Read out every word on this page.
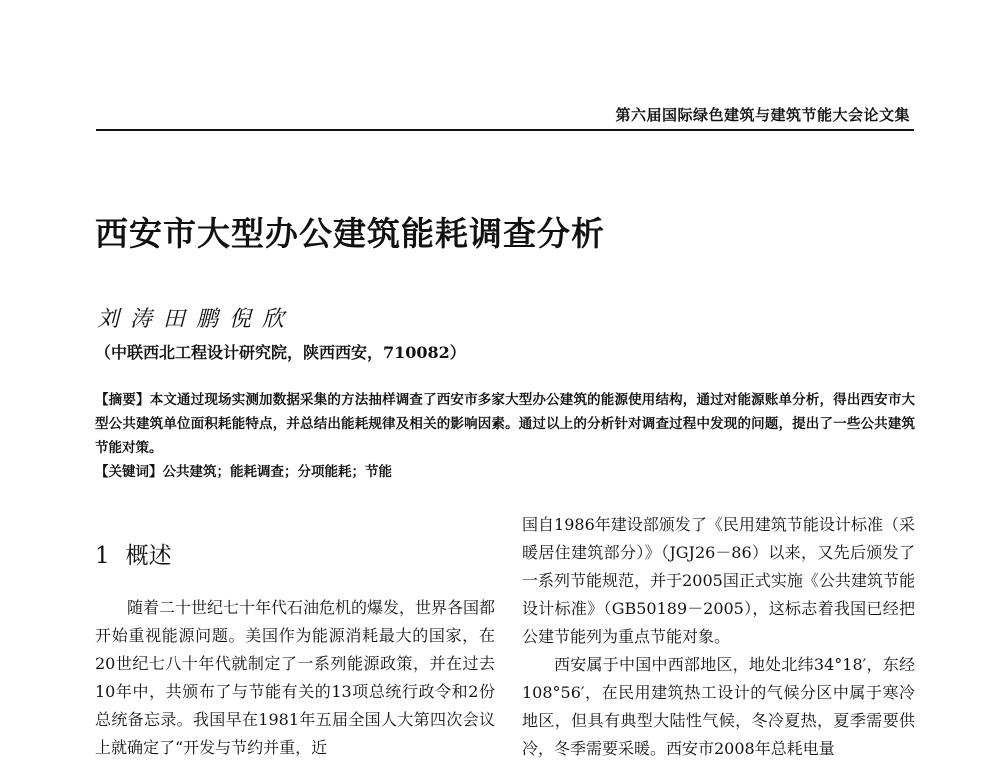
第六届国际绿色建筑与建筑节能大会论文集
西安市大型办公建筑能耗调查分析
刘 涛 田 鹏 倪 欣
（中联西北工程设计研究院，陕西西安，710082）
【摘要】本文通过现场实测加数据采集的方法抽样调查了西安市多家大型办公建筑的能源使用结构，通过对能源账单分析，得出西安市大型公共建筑单位面积耗能特点，并总结出能耗规律及相关的影响因素。通过以上的分析针对调查过程中发现的问题，提出了一些公共建筑节能对策。
【关键词】公共建筑；能耗调查；分项能耗；节能
1 概述

随着二十世纪七十年代石油危机的爆发，世界各国都开始重视能源问题。美国作为能源消耗最大的国家，在20世纪七八十年代就制定了一系列能源政策，并在过去10年中，共颁布了与节能有关的13项总统行政令和2份总统备忘录。我国早在1981年五届全国人大第四次会议上就确定了“开发与节约并重，近

国自1986年建设部颁发了《民用建筑节能设计标准（采暖居住建筑部分）》（JGJ26－86）以来，又先后颁发了一系列节能规范，并于2005国正式实施《公共建筑节能设计标准》（GB50189－2005），这标志着我国已经把公建节能列为重点节能对象。

西安属于中国中西部地区，地处北纬34°18′，东经108°56′，在民用建筑热工设计的气候分区中属于寒冷地区，但具有典型大陆性气候，冬冷夏热，夏季需要供冷，冬季需要采暖。西安市2008年总耗电量
